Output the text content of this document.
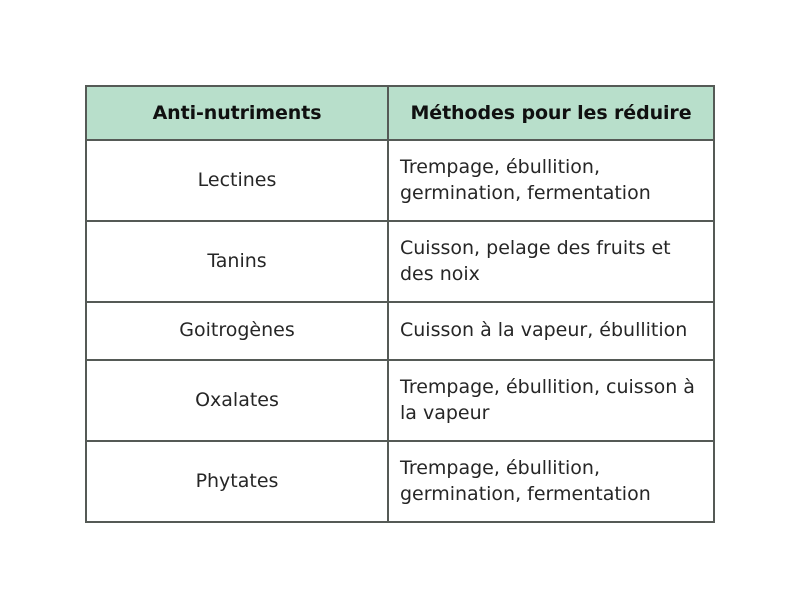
Anti-nutriments	Méthodes pour les réduire
Lectines	Trempage, ébullition, germination, fermentation
Tanins	Cuisson, pelage des fruits et des noix
Goitrogènes	Cuisson à la vapeur, ébullition
Oxalates	Trempage, ébullition, cuisson à la vapeur
Phytates	Trempage, ébullition, germination, fermentation
